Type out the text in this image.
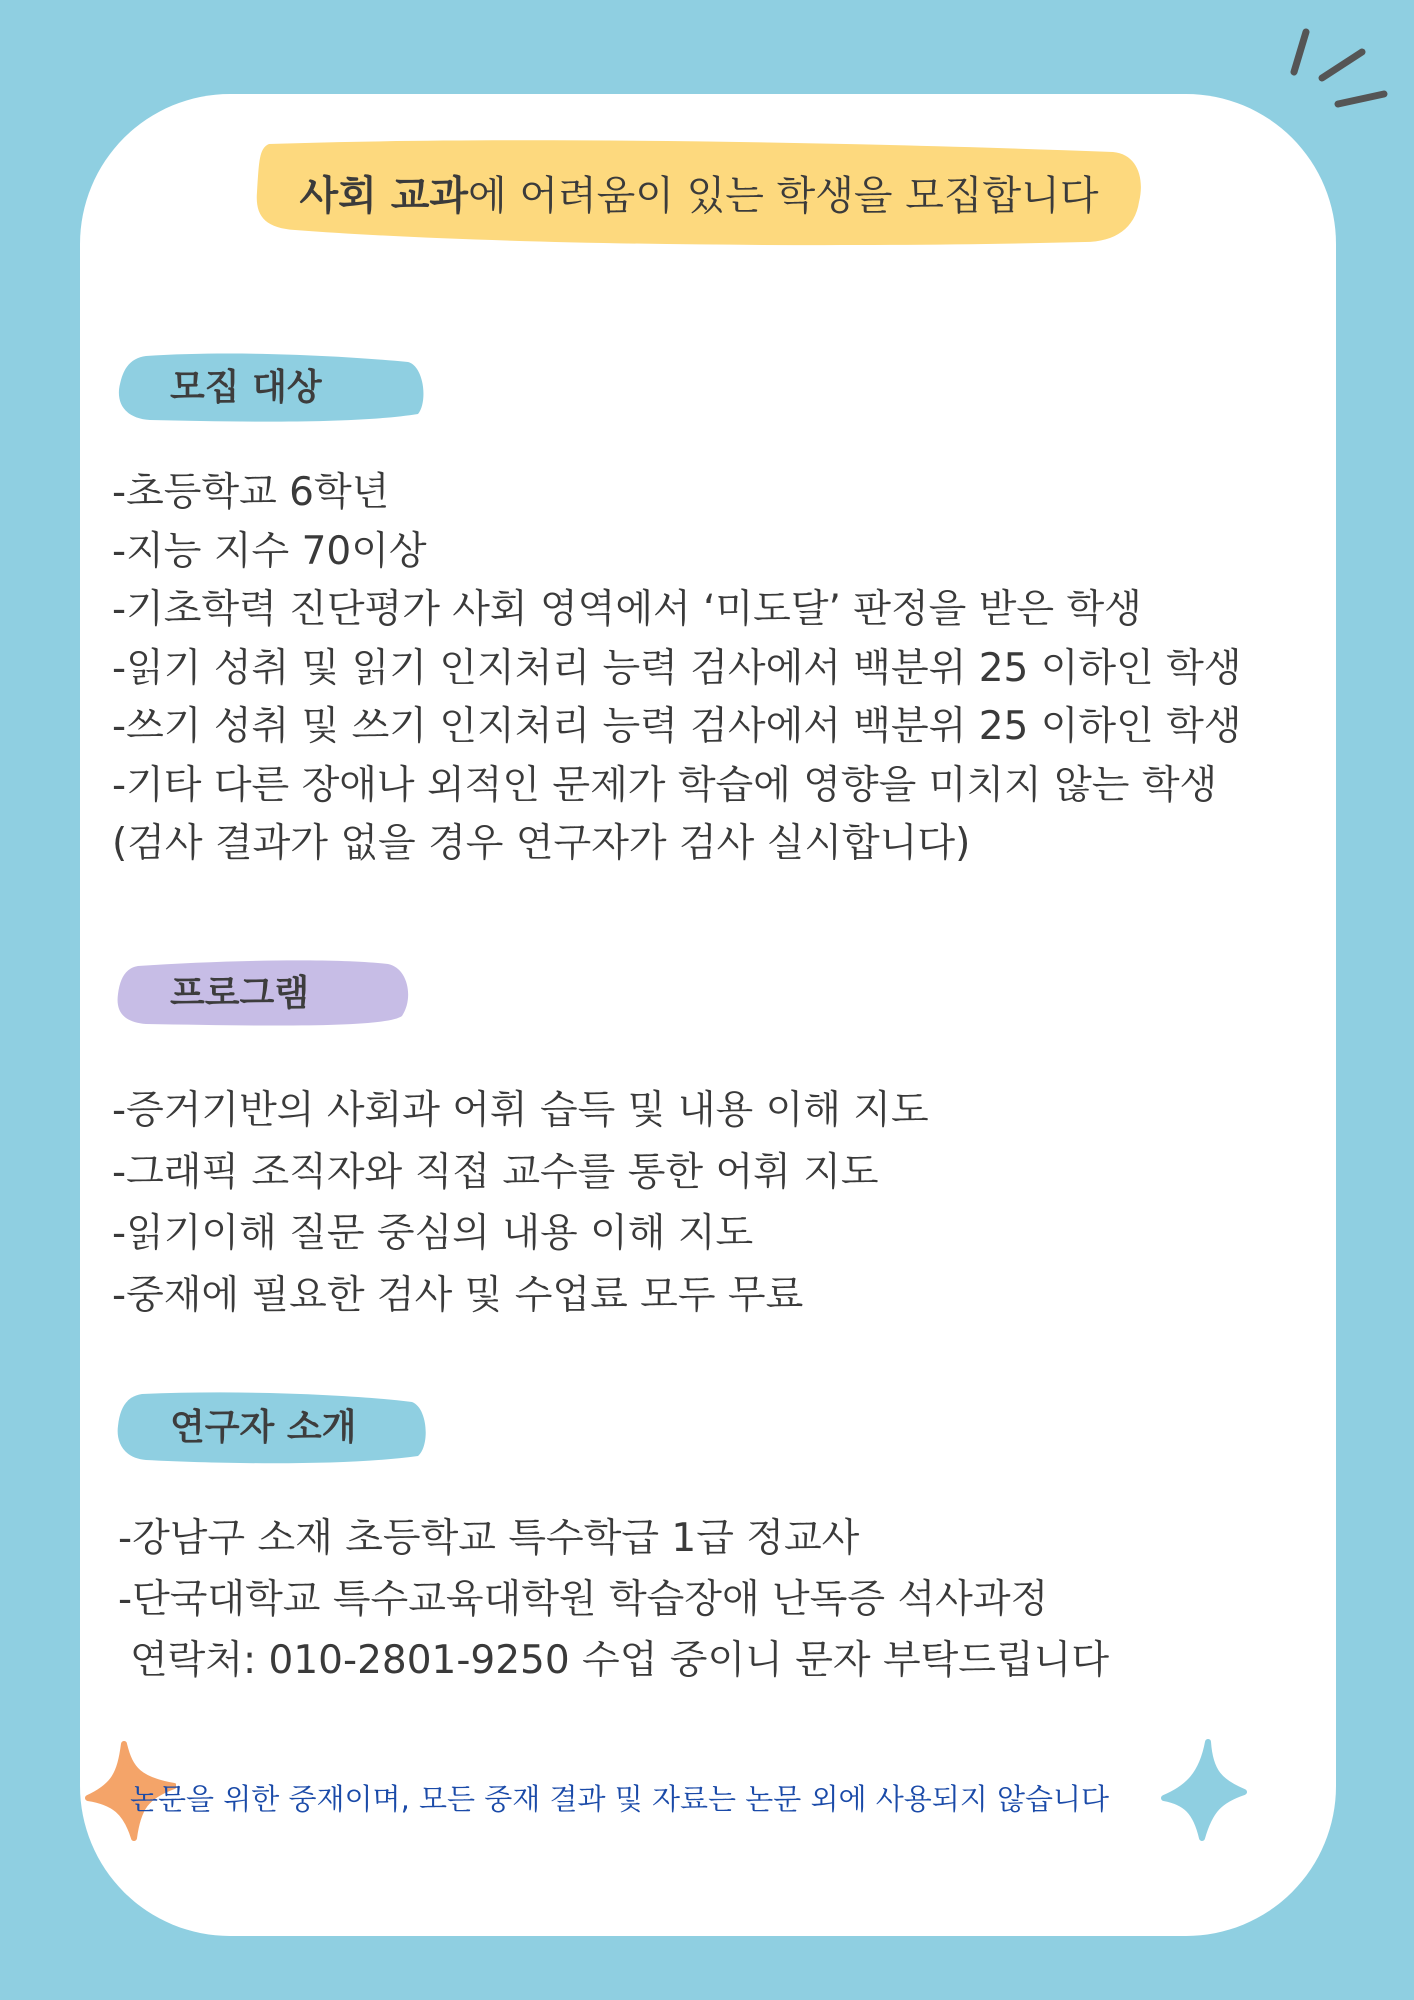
사회 교과 에 어려움이 있는 학생을 모집합니다
모집 대상
-초등학교 6학년
-지능 지수 70이상
-기초학력 진단평가 사회 영역에서 ‘미도달’ 판정을 받은 학생
-읽기 성취 및 읽기 인지처리 능력 검사에서 백분위 25 이하인 학생
-쓰기 성취 및 쓰기 인지처리 능력 검사에서 백분위 25 이하인 학생
-기타 다른 장애나 외적인 문제가 학습에 영향을 미치지 않는 학생
(검사 결과가 없을 경우 연구자가 검사 실시합니다)
프로그램
-증거기반의 사회과 어휘 습득 및 내용 이해 지도
-그래픽 조직자와 직접 교수를 통한 어휘 지도
-읽기이해 질문 중심의 내용 이해 지도
-중재에 필요한 검사 및 수업료 모두 무료
연구자 소개
-강남구 소재 초등학교 특수학급 1급 정교사
-단국대학교 특수교육대학원 학습장애 난독증 석사과정
연락처: 010-2801-9250 수업 중이니 문자 부탁드립니다
논문을 위한 중재이며, 모든 중재 결과 및 자료는 논문 외에 사용되지 않습니다
